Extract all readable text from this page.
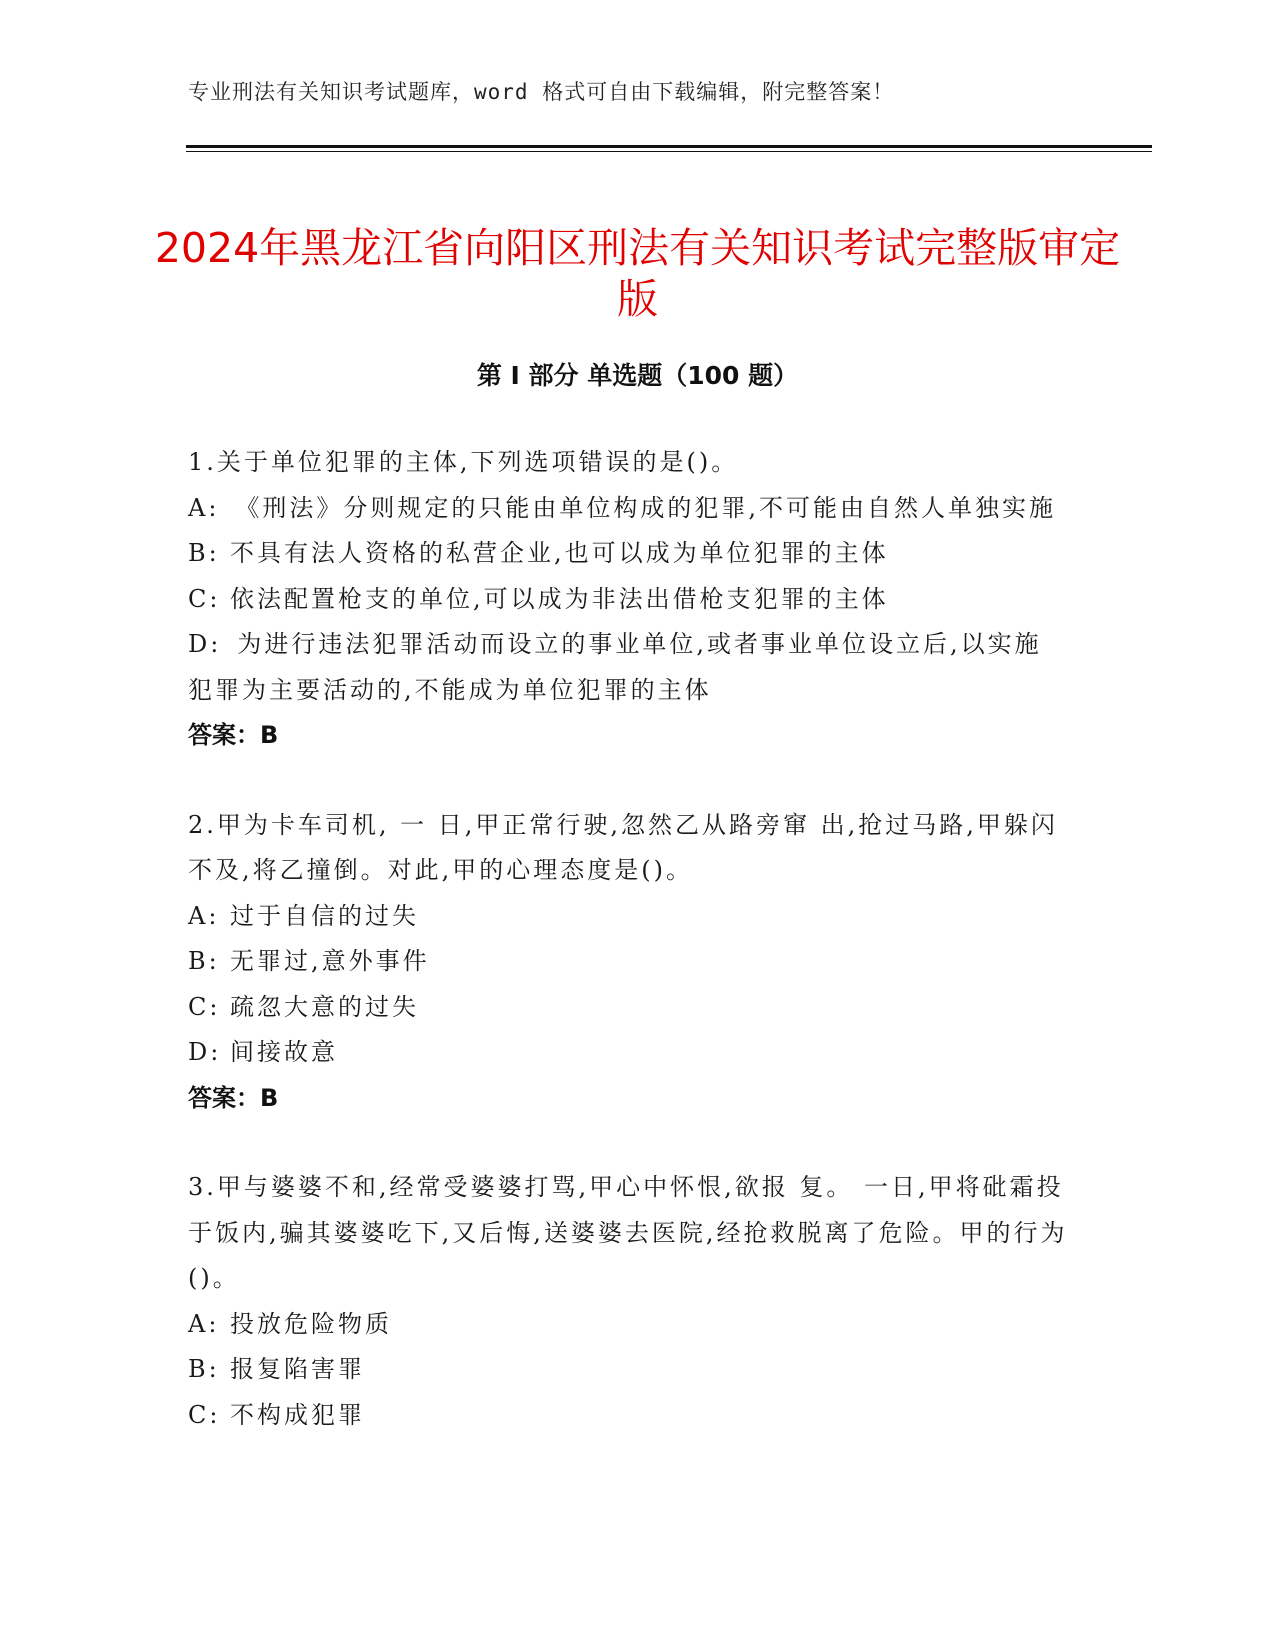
专业刑法有关知识考试题库，word 格式可自由下载编辑，附完整答案！
2024年黑龙江省向阳区刑法有关知识考试完整版审定版
第 I 部分 单选题（100 题）
1.关于单位犯罪的主体,下列选项错误的是()。
A: 《刑法》分则规定的只能由单位构成的犯罪,不可能由自然人单独实施
B: 不具有法人资格的私营企业,也可以成为单位犯罪的主体
C: 依法配置枪支的单位,可以成为非法出借枪支犯罪的主体
D: 为进行违法犯罪活动而设立的事业单位,或者事业单位设立后,以实施犯罪为主要活动的,不能成为单位犯罪的主体
答案：B
2.甲为卡车司机, 一 日,甲正常行驶,忽然乙从路旁窜 出,抢过马路,甲躲闪不及,将乙撞倒。对此,甲的心理态度是()。
A: 过于自信的过失
B: 无罪过,意外事件
C: 疏忽大意的过失
D: 间接故意
答案：B
3.甲与婆婆不和,经常受婆婆打骂,甲心中怀恨,欲报 复。 一日,甲将砒霜投于饭内,骗其婆婆吃下,又后悔,送婆婆去医院,经抢救脱离了危险。甲的行为()。
A: 投放危险物质
B: 报复陷害罪
C: 不构成犯罪
